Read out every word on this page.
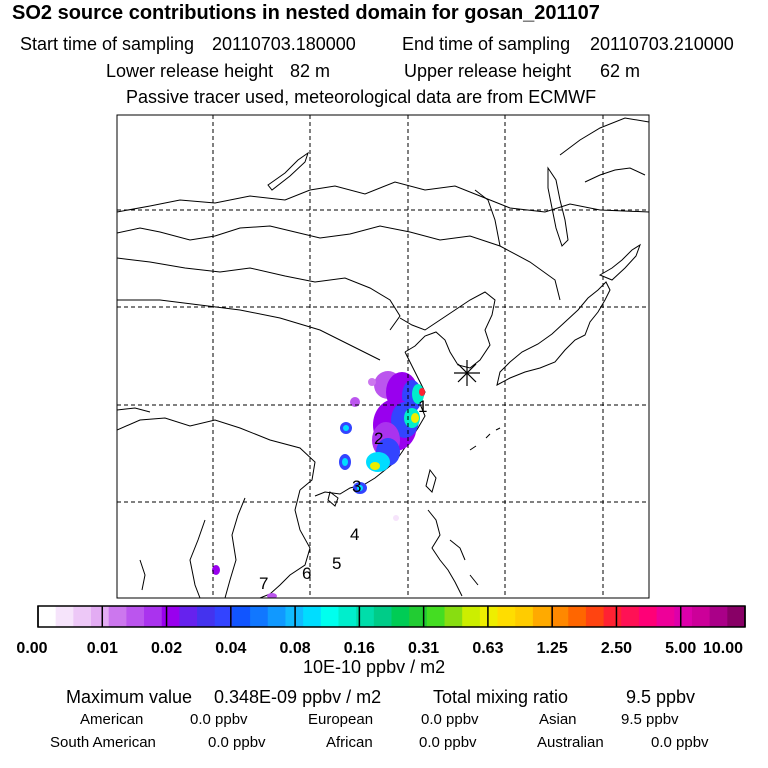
SO2 source contributions in nested domain for gosan_201107
Start time of sampling 20110703.180000	End time of sampling 20110703.210000
Lower release height 82 m	Upper release height 62 m
Passive tracer used, meteorological data are from ECMWF
1
2
3
4
5
6
7
0.00 0.01 0.02 0.04 0.08 0.16 0.31 0.63 1.25 2.50 5.00 10.00
10E-10 ppbv / m2
Maximum value 0.348E-09 ppbv / m2	Total mixing ratio	9.5 ppbv
American	0.0 ppbv	European	0.0 ppbv	Asian	9.5 ppbv
South American	0.0 ppbv	African	0.0 ppbv	Australian	0.0 ppbv
